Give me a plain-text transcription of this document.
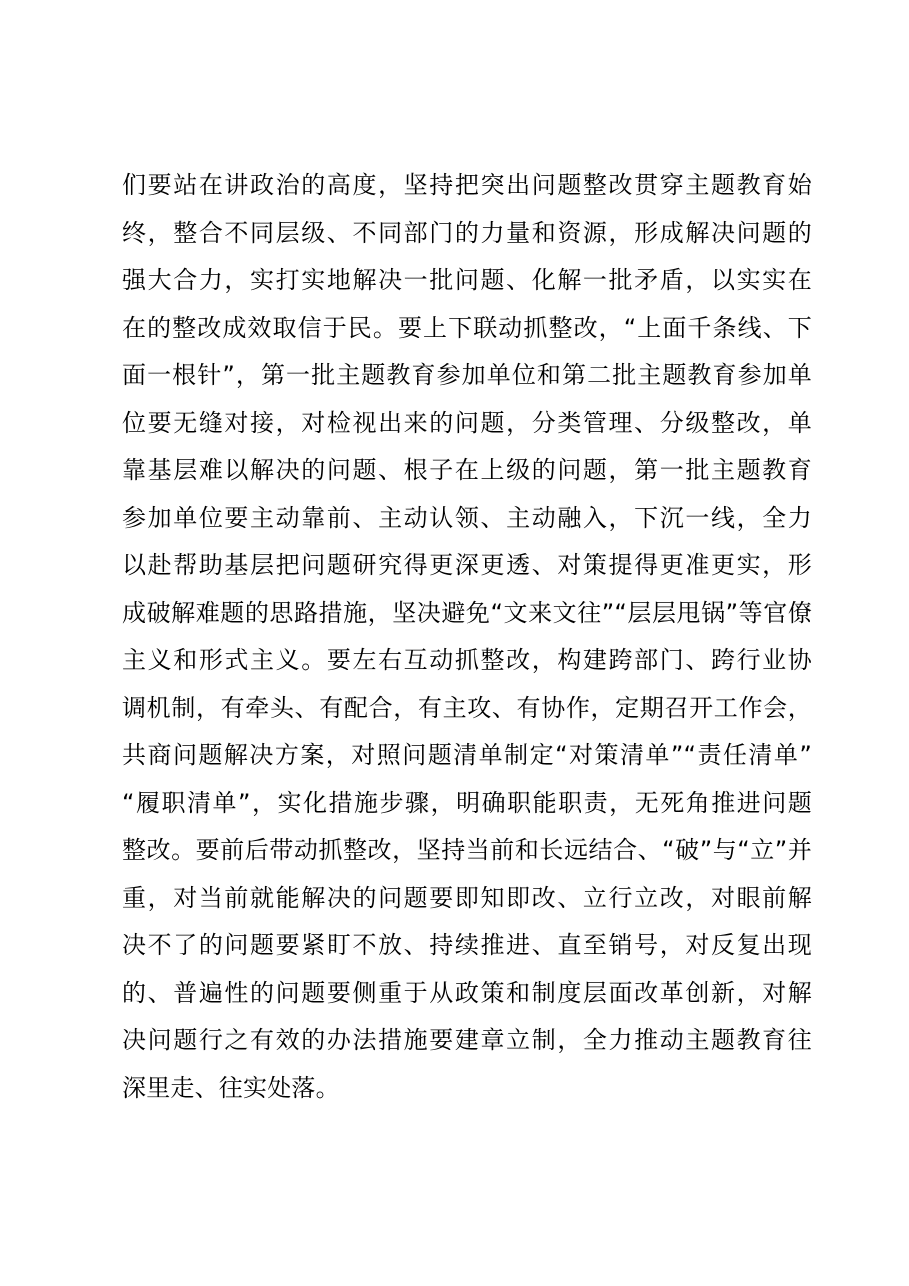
们要站在讲政治的高度，坚持把突出问题整改贯穿主题教育始
终，整合不同层级、不同部门的力量和资源，形成解决问题的
强大合力，实打实地解决一批问题、化解一批矛盾，以实实在
在的整改成效取信于民。要上下联动抓整改，“上面千条线、下
面一根针”，第一批主题教育参加单位和第二批主题教育参加单
位要无缝对接，对检视出来的问题，分类管理、分级整改，单
靠基层难以解决的问题、根子在上级的问题，第一批主题教育
参加单位要主动靠前、主动认领、主动融入，下沉一线，全力
以赴帮助基层把问题研究得更深更透、对策提得更准更实，形
成破解难题的思路措施，坚决避免“文来文往”“层层甩锅”等官僚
主义和形式主义。要左右互动抓整改，构建跨部门、跨行业协
调机制，有牵头、有配合，有主攻、有协作，定期召开工作会，
共商问题解决方案，对照问题清单制定“对策清单”“责任清单”
“履职清单”，实化措施步骤，明确职能职责，无死角推进问题
整改。要前后带动抓整改，坚持当前和长远结合、“破”与“立”并
重，对当前就能解决的问题要即知即改、立行立改，对眼前解
决不了的问题要紧盯不放、持续推进、直至销号，对反复出现
的、普遍性的问题要侧重于从政策和制度层面改革创新，对解
决问题行之有效的办法措施要建章立制，全力推动主题教育往
深里走、往实处落。
